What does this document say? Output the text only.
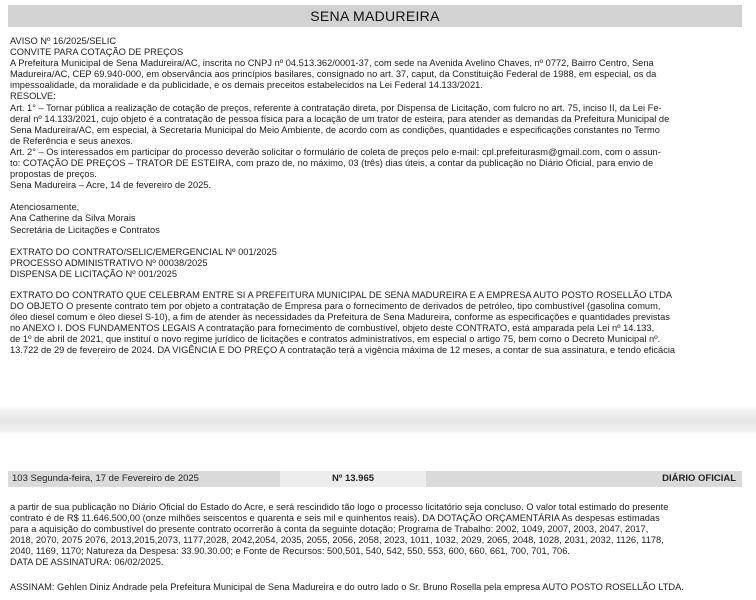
SENA MADUREIRA

AVISO Nº 16/2025/SELIC

CONVITE PARA COTAÇÃO DE PREÇOS

A Prefeitura Municipal de Sena Madureira/AC, inscrita no CNPJ nº 04.513.362/0001-37, com sede na Avenida Avelino Chaves, nº 0772, Bairro Centro, Sena

Madureira/AC, CEP 69.940-000, em observância aos princípios basilares, consignado no art. 37, caput, da Constituição Federal de 1988, em especial, os da

impessoalidade, da moralidade e da publicidade, e os demais preceitos estabelecidos na Lei Federal 14.133/2021.

RESOLVE:

Art. 1° – Tornar pública a realização de cotação de preços, referente à contratação direta, por Dispensa de Licitação, com fulcro no art. 75, inciso II, da Lei Fe-

deral nº 14.133/2021, cujo objeto é a contratação de pessoa física para a locação de um trator de esteira, para atender as demandas da Prefeitura Municipal de

Sena Madureira/AC, em especial, à Secretaria Municipal do Meio Ambiente, de acordo com as condições, quantidades e especificações constantes no Termo

de Referência e seus anexos.

Art. 2° – Os interessados em participar do processo deverão solicitar o formulário de coleta de preços pelo e-mail: cpl.prefeiturasm@gmail.com, com o assun-

to: COTAÇÃO DE PREÇOS – TRATOR DE ESTEIRA, com prazo de, no máximo, 03 (três) dias úteis, a contar da publicação no Diário Oficial, para envio de

propostas de preços.

Sena Madureira – Acre, 14 de fevereiro de 2025.

Atenciosamente,

Ana Catherine da Silva Morais

Secretária de Licitações e Contratos

EXTRATO DO CONTRATO/SELIC/EMERGENCIAL Nº 001/2025

PROCESSO ADMINISTRATIVO Nº 00038/2025

DISPENSA DE LICITAÇÃO Nº 001/2025

EXTRATO DO CONTRATO QUE CELEBRAM ENTRE SI A PREFEITURA MUNICIPAL DE SENA MADUREIRA E A EMPRESA AUTO POSTO ROSELLÃO LTDA

DO OBJETO O presente contrato tem por objeto a contratação de Empresa para o fornecimento de derivados de petróleo, tipo combustível (gasolina comum,

óleo diesel comum e óleo diesel S-10), a fim de atender às necessidades da Prefeitura de Sena Madureira, conforme as especificações e quantidades previstas

no ANEXO I. DOS FUNDAMENTOS LEGAIS A contratação para fornecimento de combustível, objeto deste CONTRATO, está amparada pela Lei nº 14.133,

de 1º de abril de 2021, que instituí o novo regime jurídico de licitações e contratos administrativos, em especial o artigo 75, bem como o Decreto Municipal nº.

13.722 de 29 de fevereiro de 2024. DA VIGÊNCIA E DO PREÇO A contratação terá a vigência máxima de 12 meses, a contar de sua assinatura, e tendo eficácia

103 Segunda-feira, 17 de Fevereiro de 2025	Nº 13.965	DIÁRIO OFICIAL

a partir de sua publicação no Diário Oficial do Estado do Acre, e será rescindido tão logo o processo licitatório seja concluso. O valor total estimado do presente

contrato é de R$ 11.646.500,00 (onze milhões seiscentos e quarenta e seis mil e quinhentos reais). DA DOTAÇÃO ORÇAMENTÁRIA As despesas estimadas

para a aquisição do combustível do presente contrato ocorrerão à conta da seguinte dotação; Programa de Trabalho: 2002, 1049, 2007, 2003, 2047, 2017,

2018, 2070, 2075 2076, 2013,2015,2073, 1177,2028, 2042,2054, 2035, 2055, 2056, 2058, 2023, 1011, 1032, 2029, 2065, 2048, 1028, 2031, 2032, 1126, 1178,

2040, 1169, 1170; Natureza da Despesa: 33.90.30.00; e Fonte de Recursos: 500,501, 540, 542, 550, 553, 600, 660, 661, 700, 701, 706.

DATA DE ASSINATURA: 06/02/2025.

ASSINAM: Gehlen Diniz Andrade pela Prefeitura Municipal de Sena Madureira e do outro lado o Sr. Bruno Rosella pela empresa AUTO POSTO ROSELLÃO LTDA.
